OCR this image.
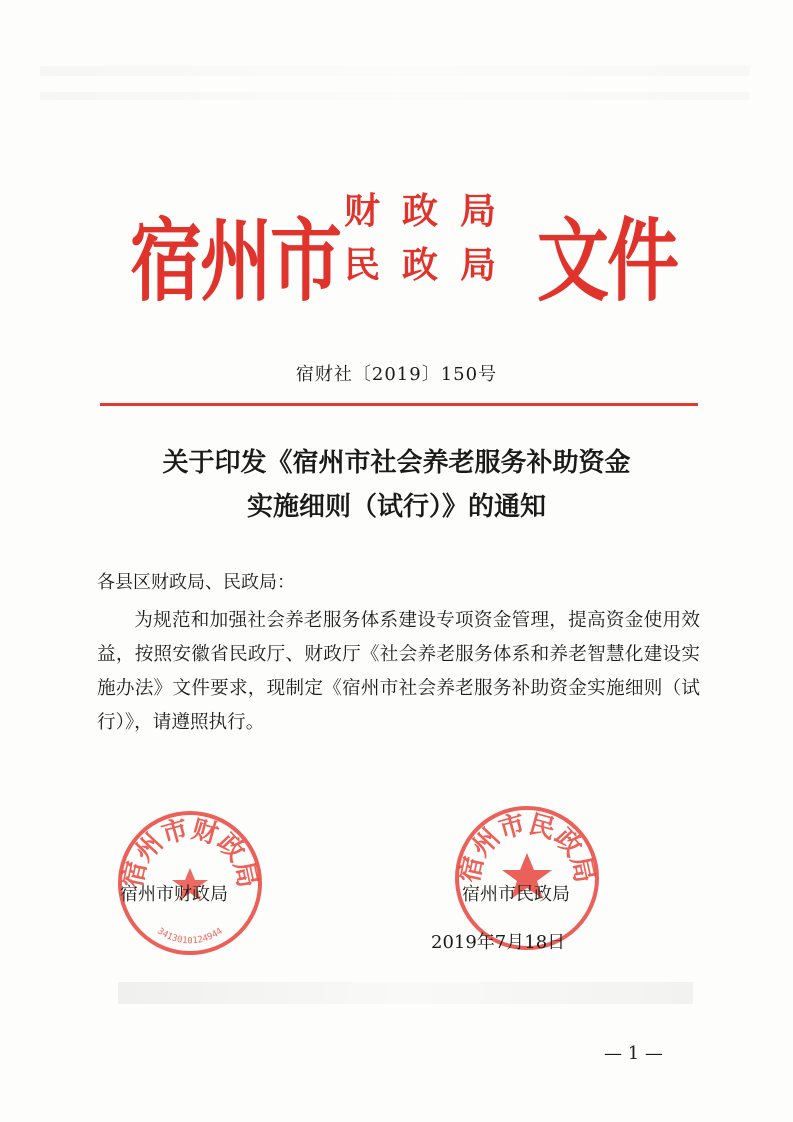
宿州市 财政局
民政局 文件
宿财社〔2019〕150号
关于印发《宿州市社会养老服务补助资金
实施细则（试行）》的通知
各县区财政局、民政局：
为规范和加强社会养老服务体系建设专项资金管理，提高资金使用效益，按照安徽省民政厅、财政厅《社会养老服务体系和养老智慧化建设实施办法》文件要求，现制定《宿州市社会养老服务补助资金实施细则（试行）》，请遵照执行。
宿州市财政局
3413010124944
宿州市民政局
宿州市财政局	宿州市民政局
2019年7月18日
— 1 —
